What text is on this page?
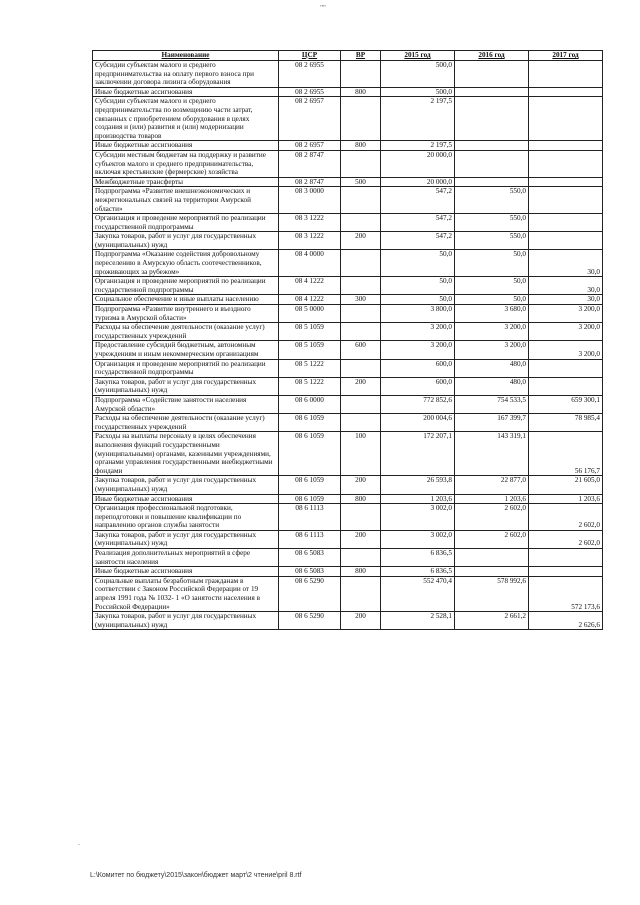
""
Наименование	ЦСР	ВР	2015 год	2016 год	2017 год
Субсидии субъектам малого и среднего предпринимательства на оплату первого взноса при заключении договора лизинга оборудования	08 2 6955		500,0		
Иные бюджетные ассигнования	08 2 6955	800	500,0		
Субсидии субъектам малого и среднего предпринимательства по возмещению части затрат, связанных с приобретением оборудования в целях создания и (или) развития и (или) модернизации производства товаров	08 2 6957		2 197,5		
Иные бюджетные ассигнования	08 2 6957	800	2 197,5		
Субсидии местным бюджетам на поддержку и развитие субъектов малого и среднего предпринимательства, включая крестьянские (фермерские) хозяйства	08 2 8747		20 000,0		
Межбюджетные трансферты	08 2 8747	500	20 000,0		
Подпрограмма «Развитие внешнеэкономических и межрегиональных связей на территории Амурской области»	08 3 0000		547,2	550,0	
Организация и проведение мероприятий по реализации государственной подпрограммы	08 3 1222		547,2	550,0	
Закупка товаров, работ и услуг для государственных (муниципальных) нужд	08 3 1222	200	547,2	550,0	
Подпрограмма «Оказание содействия добровольному переселению в Амурскую область соотечественников, проживающих за рубежом»	08 4 0000		50,0	50,0	30,0
Организация и проведение мероприятий по реализации государственной подпрограммы	08 4 1222		50,0	50,0	30,0
Социальное обеспечение и иные выплаты населению	08 4 1222	300	50,0	50,0	30,0
Подпрограмма «Развитие внутреннего и въездного туризма в Амурской области»	08 5 0000		3 800,0	3 680,0	3 200,0
Расходы на обеспечение деятельности (оказание услуг) государственных учреждений	08 5 1059		3 200,0	3 200,0	3 200,0
Предоставление субсидий бюджетным, автономным учреждениям и иным некоммерческим организациям	08 5 1059	600	3 200,0	3 200,0	3 200,0
Организация и проведение мероприятий по реализации государственной подпрограммы	08 5 1222		600,0	480,0	
Закупка товаров, работ и услуг для государственных (муниципальных) нужд	08 5 1222	200	600,0	480,0	
Подпрограмма «Содействие занятости населения Амурской области»	08 6 0000		772 852,6	754 533,5	659 300,1
Расходы на обеспечение деятельности (оказание услуг) государственных учреждений	08 6 1059		200 004,6	167 399,7	78 985,4
Расходы на выплаты персоналу в целях обеспечения выполнения функций государственными (муниципальными) органами, казенными учреждениями, органами управления государственными внебюджетными фондами	08 6 1059	100	172 207,1	143 319,1	56 176,7
Закупка товаров, работ и услуг для государственных (муниципальных) нужд	08 6 1059	200	26 593,8	22 877,0	21 605,0
Иные бюджетные ассигнования	08 6 1059	800	1 203,6	1 203,6	1 203,6
Организация профессиональной подготовки, переподготовки и повышение квалификации по направлению органов службы занятости	08 6 1113		3 002,0	2 602,0	2 602,0
Закупка товаров, работ и услуг для государственных (муниципальных) нужд	08 6 1113	200	3 002,0	2 602,0	2 602,0
Реализация дополнительных мероприятий в сфере занятости населения	08 6 5083		6 836,5		
Иные бюджетные ассигнования	08 6 5083	800	6 836,5		
Социальные выплаты безработным гражданам в соответствии с Законом Российской Федерации от 19 апреля 1991 года № 1032- 1 «О занятости населения в Российской Федерации»	08 6 5290		552 470,4	578 992,6	572 173,6
Закупка товаров, работ и услуг для государственных (муниципальных) нужд	08 6 5290	200	2 528,1	2 661,2	2 626,6
-
L:\Комитет по бюджету\2015\закон\бюджет март\2 чтение\pril 8.rtf
